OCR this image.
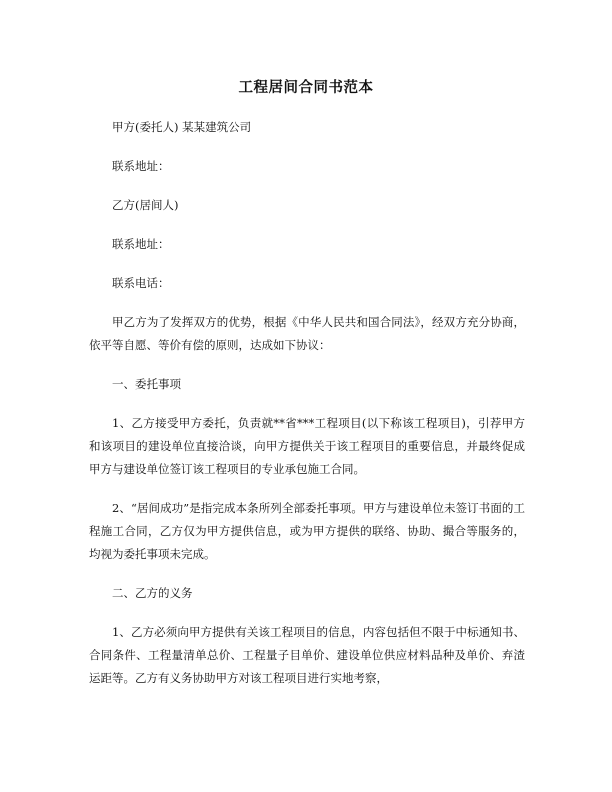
工程居间合同书范本

甲方(委托人) 某某建筑公司

联系地址：

乙方(居间人)

联系地址：

联系电话：

甲乙方为了发挥双方的优势，根据《中华人民共和国合同法》，经双方充分协商，依平等自愿、等价有偿的原则，达成如下协议：

一、委托事项

1、乙方接受甲方委托，负责就**省***工程项目(以下称该工程项目)，引荐甲方和该项目的建设单位直接洽谈，向甲方提供关于该工程项目的重要信息，并最终促成甲方与建设单位签订该工程项目的专业承包施工合同。

2、“居间成功”是指完成本条所列全部委托事项。甲方与建设单位未签订书面的工程施工合同，乙方仅为甲方提供信息，或为甲方提供的联络、协助、撮合等服务的，均视为委托事项未完成。

二、乙方的义务

1、乙方必须向甲方提供有关该工程项目的信息，内容包括但不限于中标通知书、合同条件、工程量清单总价、工程量子目单价、建设单位供应材料品种及单价、弃渣运距等。乙方有义务协助甲方对该工程项目进行实地考察，
